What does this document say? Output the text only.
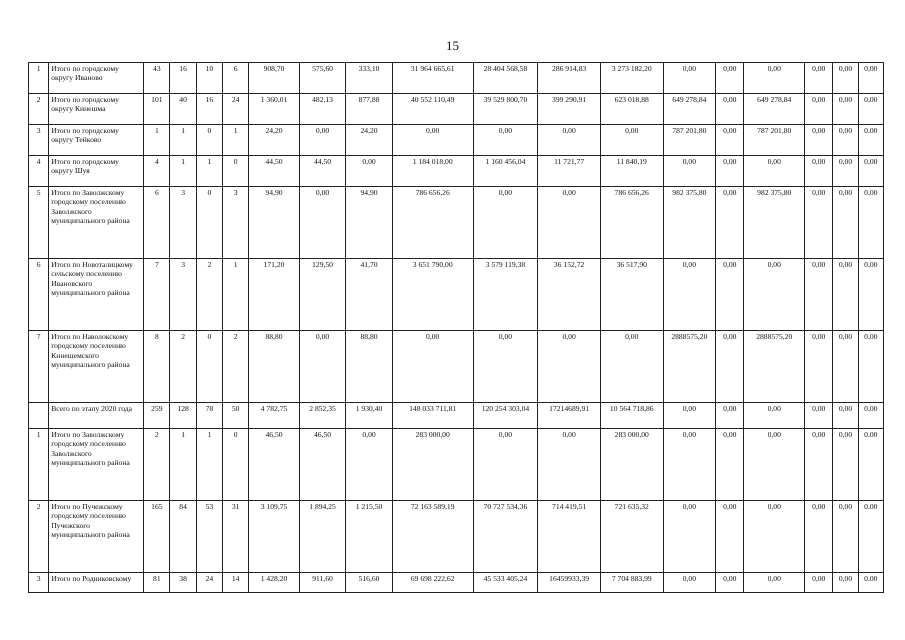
15
1	Итого по городскому округу Иваново	43	16	10	6	908,70	575,60	333,10	31 964 665,61	28 404 568,58	286 914,83	3 273 182,20	0,00	0,00	0,00	0,00	0,00	0,00
2	Итого по городскому округу Кинешма	101	40	16	24	1 360,01	482,13	877,88	40 552 110,49	39 529 800,70	399 290,91	623 018,88	649 278,84	0,00	649 278,84	0,00	0,00	0,00
3	Итого по городскому округу Тейково	1	1	0	1	24,20	0,00	24,20	0,00	0,00	0,00	0,00	787 201,80	0,00	787 201,80	0,00	0,00	0,00
4	Итого по городскому округу Шуя	4	1	1	0	44,50	44,50	0,00	1 184 018,00	1 160 456,04	11 721,77	11 840,19	0,00	0,00	0,00	0,00	0,00	0,00
5	Итого по Заволжскому городскому поселению Заволжского муниципального района	6	3	0	3	94,90	0,00	94,90	786 656,26	0,00	0,00	786 656,26	982 375,80	0,00	982 375,80	0,00	0,00	0,00
6	Итого по Новоталицкому сельскому поселению Ивановского муниципального района	7	3	2	1	171,20	129,50	41,70	3 651 790,00	3 579 119,38	36 152,72	36 517,90	0,00	0,00	0,00	0,00	0,00	0,00
7	Итого по Наволокскому городскому поселению Кинешемского муниципального района	8	2	0	2	88,80	0,00	88,80	0,00	0,00	0,00	0,00	2888575,20	0,00	2888575,20	0,00	0,00	0,00
	Всего по этапу 2020 года	259	128	78	50	4 782,75	2 852,35	1 930,40	148 033 711,81	120 254 303,04	17214689,91	10 564 718,86	0,00	0,00	0,00	0,00	0,00	0,00
1	Итого по Заволжскому городскому поселению Заволжского муниципального района	2	1	1	0	46,50	46,50	0,00	283 000,00	0,00	0,00	283 000,00	0,00	0,00	0,00	0,00	0,00	0,00
2	Итого по Пучежскому городскому поселению Пучежского муниципального района	165	84	53	31	3 109,75	1 894,25	1 215,50	72 163 589,19	70 727 534,36	714 419,51	721 635,32	0,00	0,00	0,00	0,00	0,00	0,00
3	Итого по Родниковскому	81	38	24	14	1 428,20	911,60	516,60	69 698 222,62	45 533 405,24	16459933,39	7 704 883,99	0,00	0,00	0,00	0,00	0,00	0,00
